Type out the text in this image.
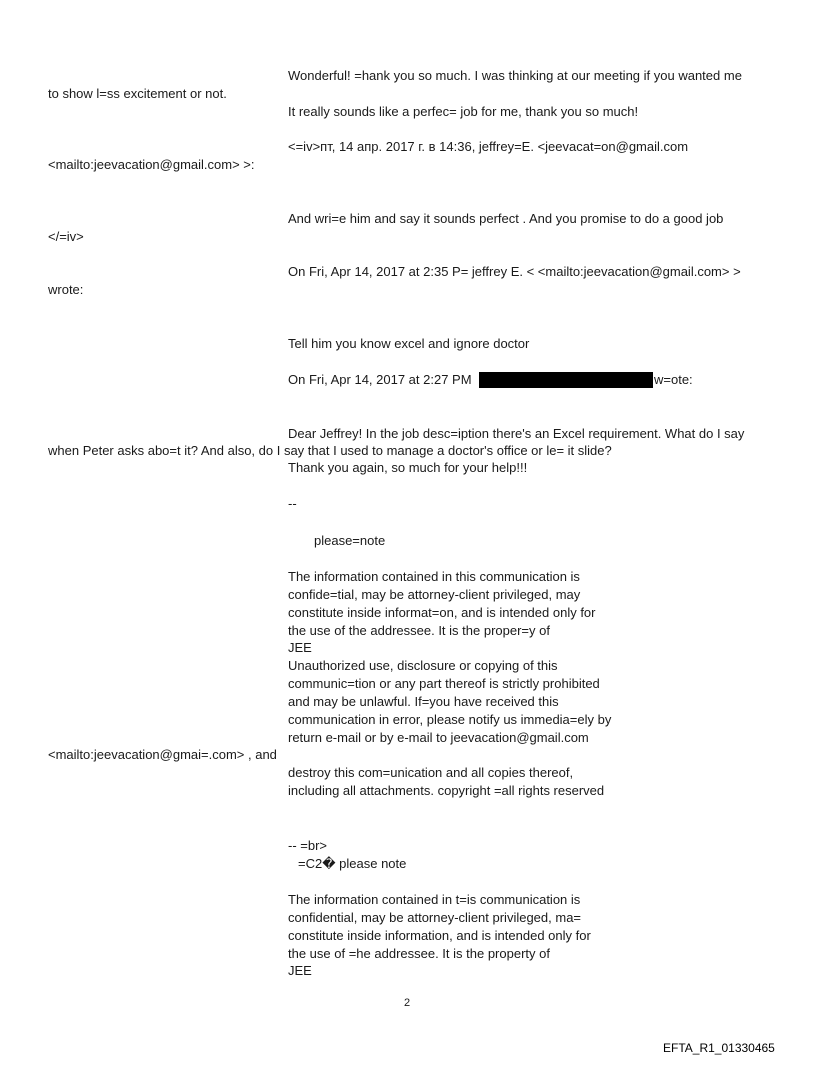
Wonderful! =hank you so much. I was thinking at our meeting if you wanted me
to show l=ss excitement or not.
It really sounds like a perfec= job for me, thank you so much!
<=iv>пт, 14 апр. 2017 г. в 14:36, jeffrey=E. <jeevacat=on@gmail.com
<mailto:jeevacation@gmail.com> >:
And wri=e him and say it sounds perfect . And you promise to do a good job
</=iv>
On Fri, Apr 14, 2017 at 2:35 P= jeffrey E. < <mailto:jeevacation@gmail.com> >
wrote:
Tell him you know excel and ignore doctor
On Fri, Apr 14, 2017 at 2:27 PM	w=ote:
Dear Jeffrey! In the job desc=iption there's an Excel requirement. What do I say
when Peter asks abo=t it? And also, do I say that I used to manage a doctor's office or le= it slide?
Thank you again, so much for your help!!!
--
please=note
The information contained in this communication is
confide=tial, may be attorney-client privileged, may
constitute inside informat=on, and is intended only for
the use of the addressee. It is the proper=y of
JEE
Unauthorized use, disclosure or copying of this
communic=tion or any part thereof is strictly prohibited
and may be unlawful. If=you have received this
communication in error, please notify us immedia=ely by
return e-mail or by e-mail to jeevacation@gmail.com
<mailto:jeevacation@gmai=.com> , and
destroy this com=unication and all copies thereof,
including all attachments. copyright =all rights reserved
-- =br>
=C2� please note
The information contained in t=is communication is
confidential, may be attorney-client privileged, ma=
constitute inside information, and is intended only for
the use of =he addressee. It is the property of
JEE
2
EFTA_R1_01330465
